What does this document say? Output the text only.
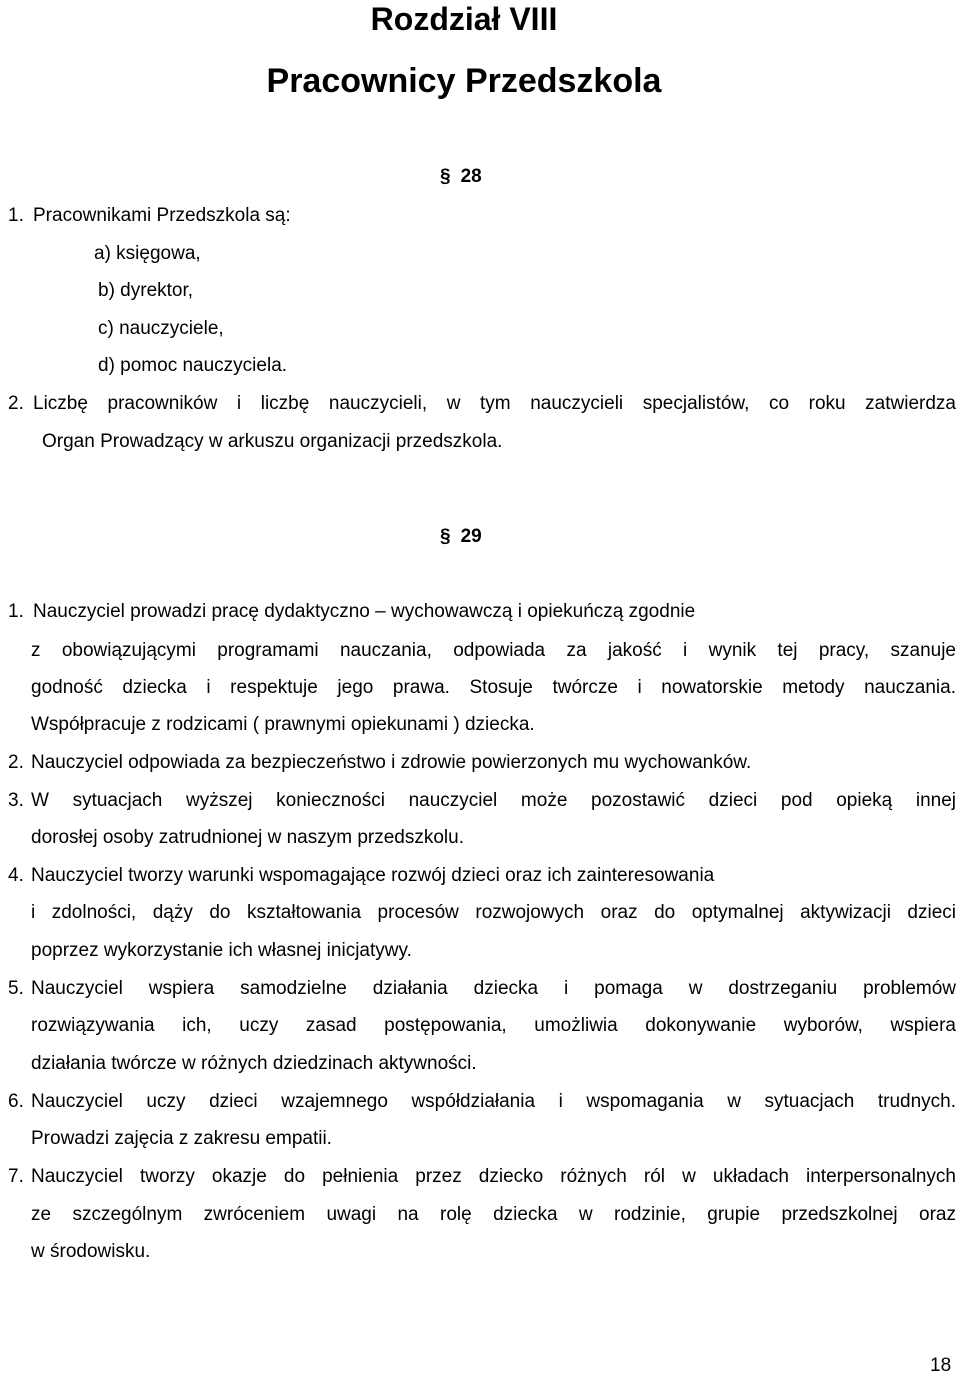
Rozdział VIII
Pracownicy Przedszkola
§ 28
1. Pracownikami Przedszkola są:
a) księgowa,
b) dyrektor,
c) nauczyciele,
d) pomoc nauczyciela.
2. Liczbę pracowników i liczbę nauczycieli, w tym nauczycieli specjalistów, co roku zatwierdza
Organ Prowadzący w arkuszu organizacji przedszkola.
§ 29
1. Nauczyciel prowadzi pracę dydaktyczno – wychowawczą i opiekuńczą zgodnie
z obowiązującymi programami nauczania, odpowiada za jakość i wynik tej pracy, szanuje
godność dziecka i respektuje jego prawa. Stosuje twórcze i nowatorskie metody nauczania.
Współpracuje z rodzicami ( prawnymi opiekunami ) dziecka.
2. Nauczyciel odpowiada za bezpieczeństwo i zdrowie powierzonych mu wychowanków.
3. W sytuacjach wyższej konieczności nauczyciel może pozostawić dzieci pod opieką innej
dorosłej osoby zatrudnionej w naszym przedszkolu.
4. Nauczyciel tworzy warunki wspomagające rozwój dzieci oraz ich zainteresowania
i zdolności, dąży do kształtowania procesów rozwojowych oraz do optymalnej aktywizacji dzieci
poprzez wykorzystanie ich własnej inicjatywy.
5. Nauczyciel wspiera samodzielne działania dziecka i pomaga w dostrzeganiu problemów
rozwiązywania ich, uczy zasad postępowania, umożliwia dokonywanie wyborów, wspiera
działania twórcze w różnych dziedzinach aktywności.
6. Nauczyciel uczy dzieci wzajemnego współdziałania i wspomagania w sytuacjach trudnych.
Prowadzi zajęcia z zakresu empatii.
7. Nauczyciel tworzy okazje do pełnienia przez dziecko różnych ról w układach interpersonalnych
ze szczególnym zwróceniem uwagi na rolę dziecka w rodzinie, grupie przedszkolnej oraz
w środowisku.
18
